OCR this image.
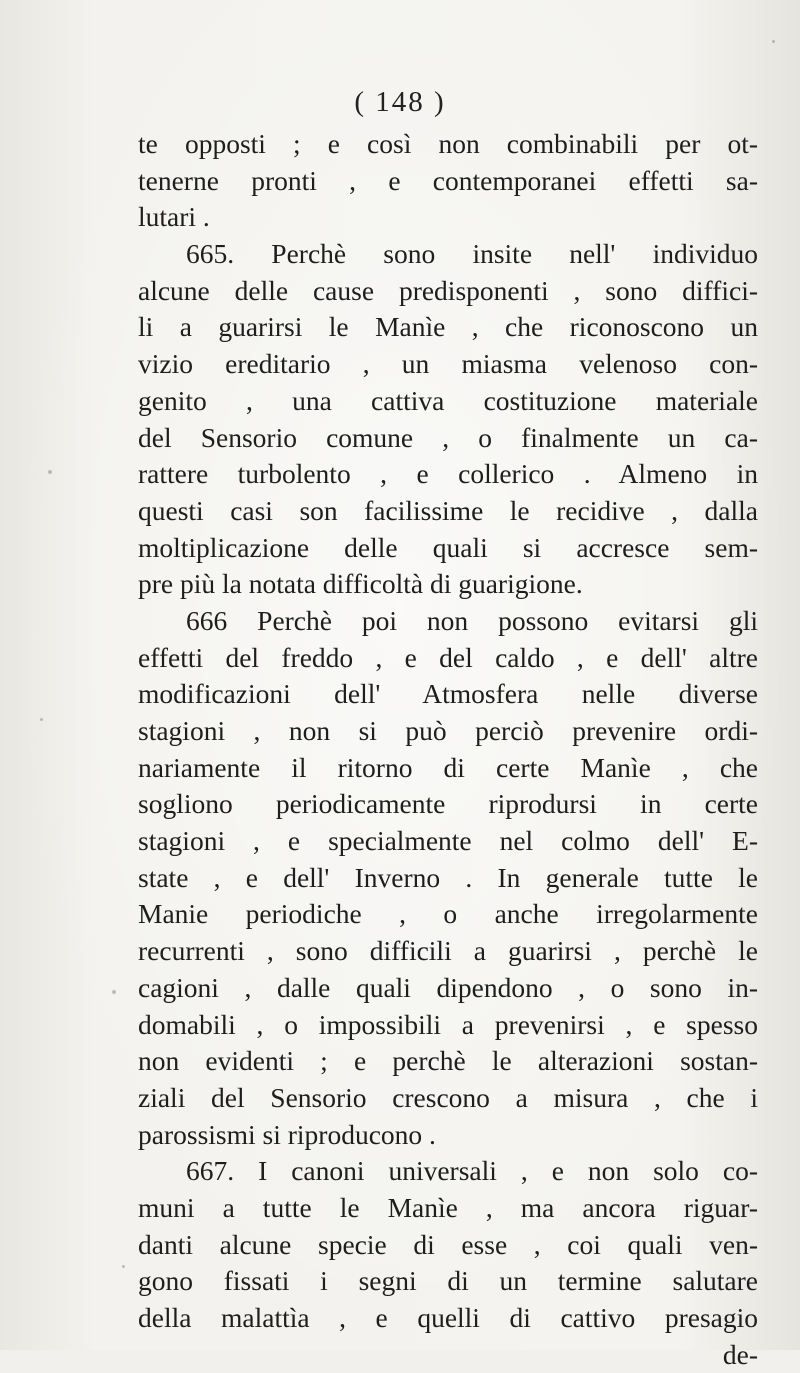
( 148 )
te opposti ; e così non combinabili per ot-
tenerne pronti , e contemporanei effetti sa-
lutari .
665. Perchè sono insite nell' individuo
alcune delle cause predisponenti , sono diffici-
li a guarirsi le Manìe , che riconoscono un
vizio ereditario , un miasma velenoso con-
genito , una cattiva costituzione materiale
del Sensorio comune , o finalmente un ca-
rattere turbolento , e collerico . Almeno in
questi casi son facilissime le recidive , dalla
moltiplicazione delle quali si accresce sem-
pre più la notata difficoltà di guarigione.
666 Perchè poi non possono evitarsi gli
effetti del freddo , e del caldo , e dell' altre
modificazioni dell' Atmosfera nelle diverse
stagioni , non si può perciò prevenire ordi-
nariamente il ritorno di certe Manìe , che
sogliono periodicamente riprodursi in certe
stagioni , e specialmente nel colmo dell' E-
state , e dell' Inverno . In generale tutte le
Manie periodiche , o anche irregolarmente
recurrenti , sono difficili a guarirsi , perchè le
cagioni , dalle quali dipendono , o sono in-
domabili , o impossibili a prevenirsi , e spesso
non evidenti ; e perchè le alterazioni sostan-
ziali del Sensorio crescono a misura , che i
parossismi si riproducono .
667. I canoni universali , e non solo co-
muni a tutte le Manìe , ma ancora riguar-
danti alcune specie di esse , coi quali ven-
gono fissati i segni di un termine salutare
della malattìa , e quelli di cattivo presagio
de-
